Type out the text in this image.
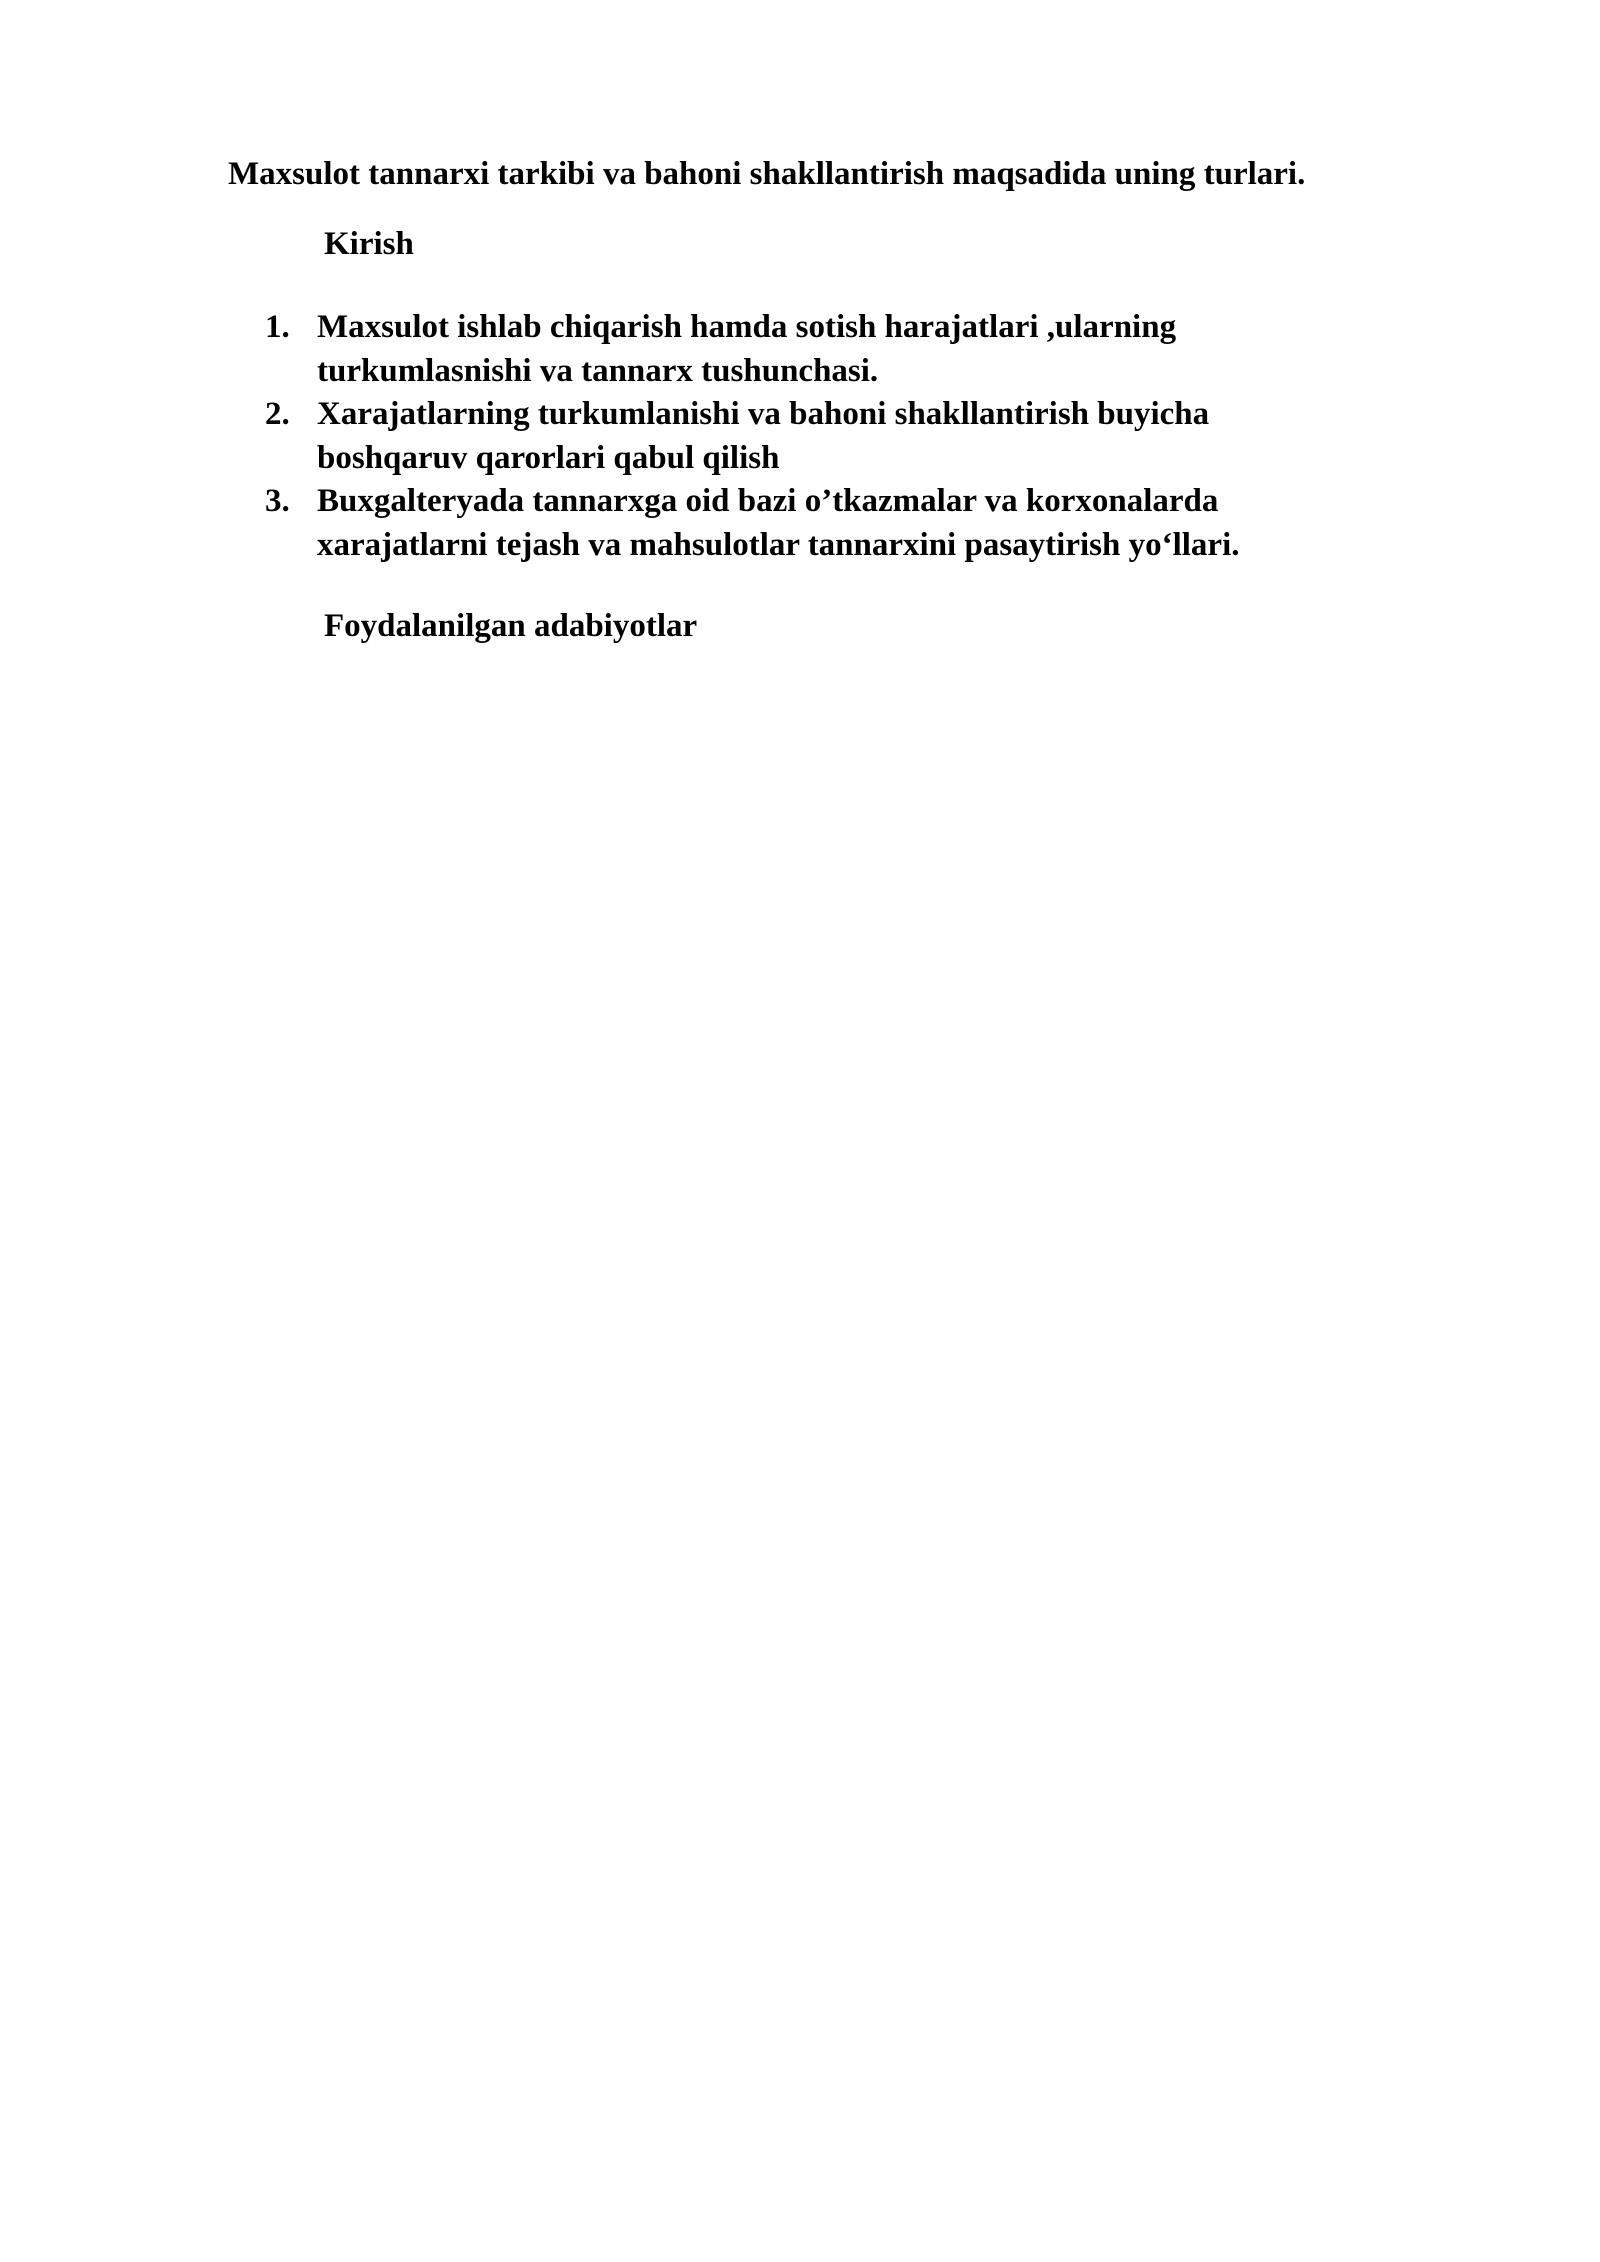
Maxsulot tannarxi tarkibi va bahoni shakllantirish maqsadida uning turlari.
Kirish
1. Maxsulot ishlab chiqarish hamda sotish harajatlari ,ularning
turkumlasnishi va tannarx tushunchasi.
2. Xarajatlarning turkumlanishi va bahoni shakllantirish buyicha
boshqaruv qarorlari qabul qilish
3. Buxgalteryada tannarxga oid bazi o’tkazmalar va korxonalarda
xarajatlarni tejash va mahsulotlar tannarxini pasaytirish yo‘llari.
Foydalanilgan adabiyotlar
